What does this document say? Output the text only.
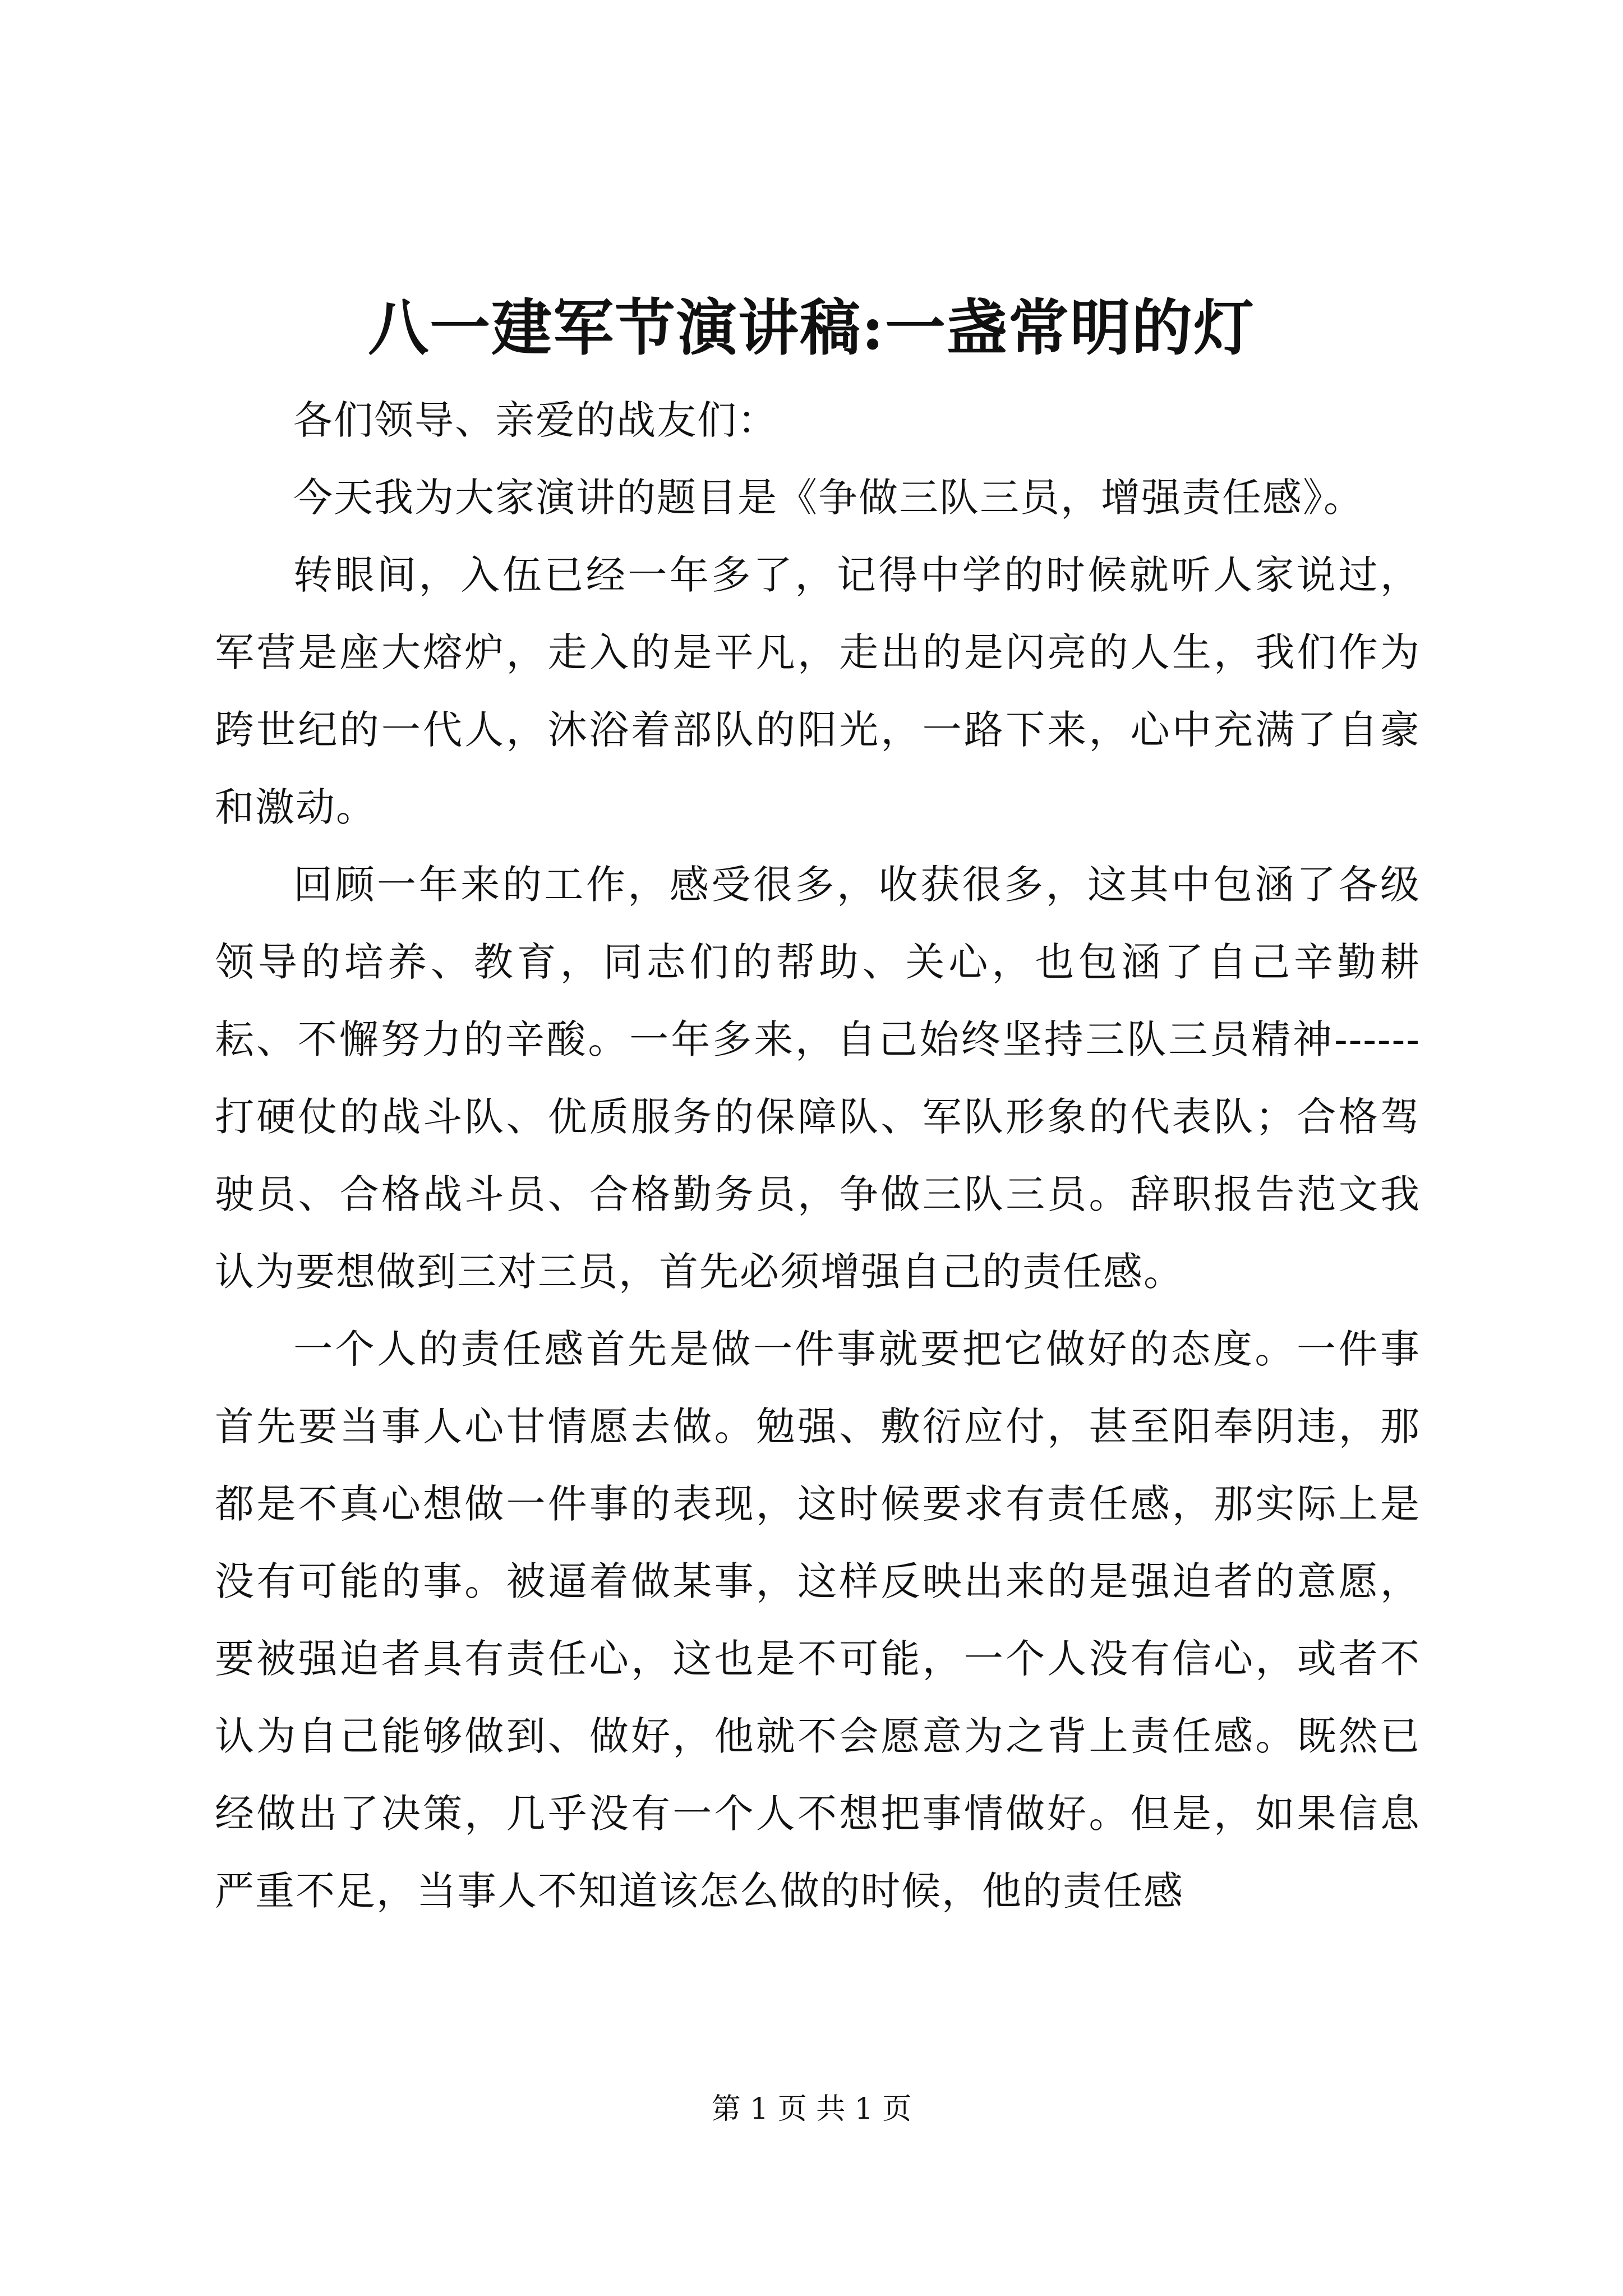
八一建军节演讲稿:一盏常明的灯

各们领导、亲爱的战友们：

今天我为大家演讲的题目是《争做三队三员，增强责任感》。

转眼间，入伍已经一年多了，记得中学的时候就听人家说过，军营是座大熔炉，走入的是平凡，走出的是闪亮的人生，我们作为跨世纪的一代人，沐浴着部队的阳光，一路下来，心中充满了自豪和激动。

回顾一年来的工作，感受很多，收获很多，这其中包涵了各级领导的培养、教育，同志们的帮助、关心，也包涵了自己辛勤耕耘、不懈努力的辛酸。一年多来，自己始终坚持三队三员精神------打硬仗的战斗队、优质服务的保障队、军队形象的代表队；合格驾驶员、合格战斗员、合格勤务员，争做三队三员。辞职报告范文我认为要想做到三对三员，首先必须增强自己的责任感。

一个人的责任感首先是做一件事就要把它做好的态度。一件事首先要当事人心甘情愿去做。勉强、敷衍应付，甚至阳奉阴违，那都是不真心想做一件事的表现，这时候要求有责任感，那实际上是没有可能的事。被逼着做某事，这样反映出来的是强迫者的意愿，要被强迫者具有责任心，这也是不可能，一个人没有信心，或者不认为自己能够做到、做好，他就不会愿意为之背上责任感。既然已经做出了决策，几乎没有一个人不想把事情做好。但是，如果信息严重不足，当事人不知道该怎么做的时候，他的责任感

第 1 页 共 1 页
